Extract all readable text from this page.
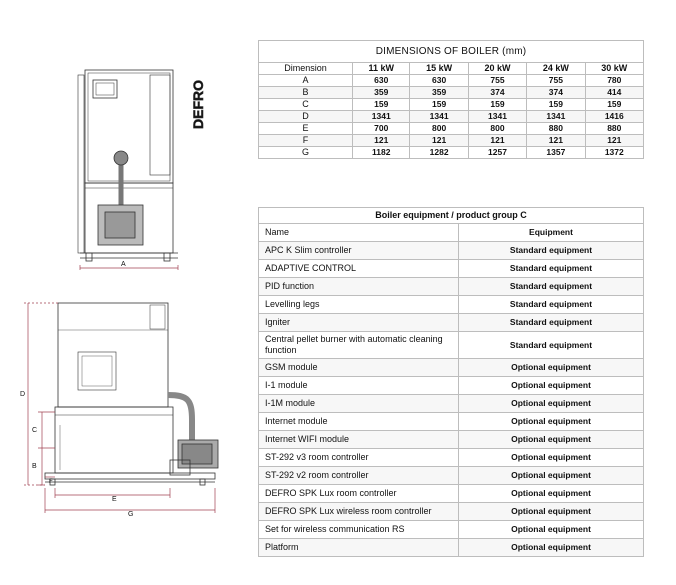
DEFRO
A
D
C
B
F
E
G
DIMENSIONS OF BOILER (mm)					
Dimension	11 kW	15 kW	20 kW	24 kW	30 kW
A	630	630	755	755	780
B	359	359	374	374	414
C	159	159	159	159	159
D	1341	1341	1341	1341	1416
E	700	800	800	880	880
F	121	121	121	121	121
G	1182	1282	1257	1357	1372
Boiler equipment / product group C	
Name	Equipment
APC K Slim controller	Standard equipment
ADAPTIVE CONTROL	Standard equipment
PID function	Standard equipment
Levelling legs	Standard equipment
Igniter	Standard equipment
Central pellet burner with automatic cleaning function	Standard equipment
GSM module	Optional equipment
I-1 module	Optional equipment
I-1M module	Optional equipment
Internet module	Optional equipment
Internet WIFI module	Optional equipment
ST-292 v3 room controller	Optional equipment
ST-292 v2 room controller	Optional equipment
DEFRO SPK Lux room controller	Optional equipment
DEFRO SPK Lux wireless room controller	Optional equipment
Set for wireless communication RS	Optional equipment
Platform	Optional equipment
